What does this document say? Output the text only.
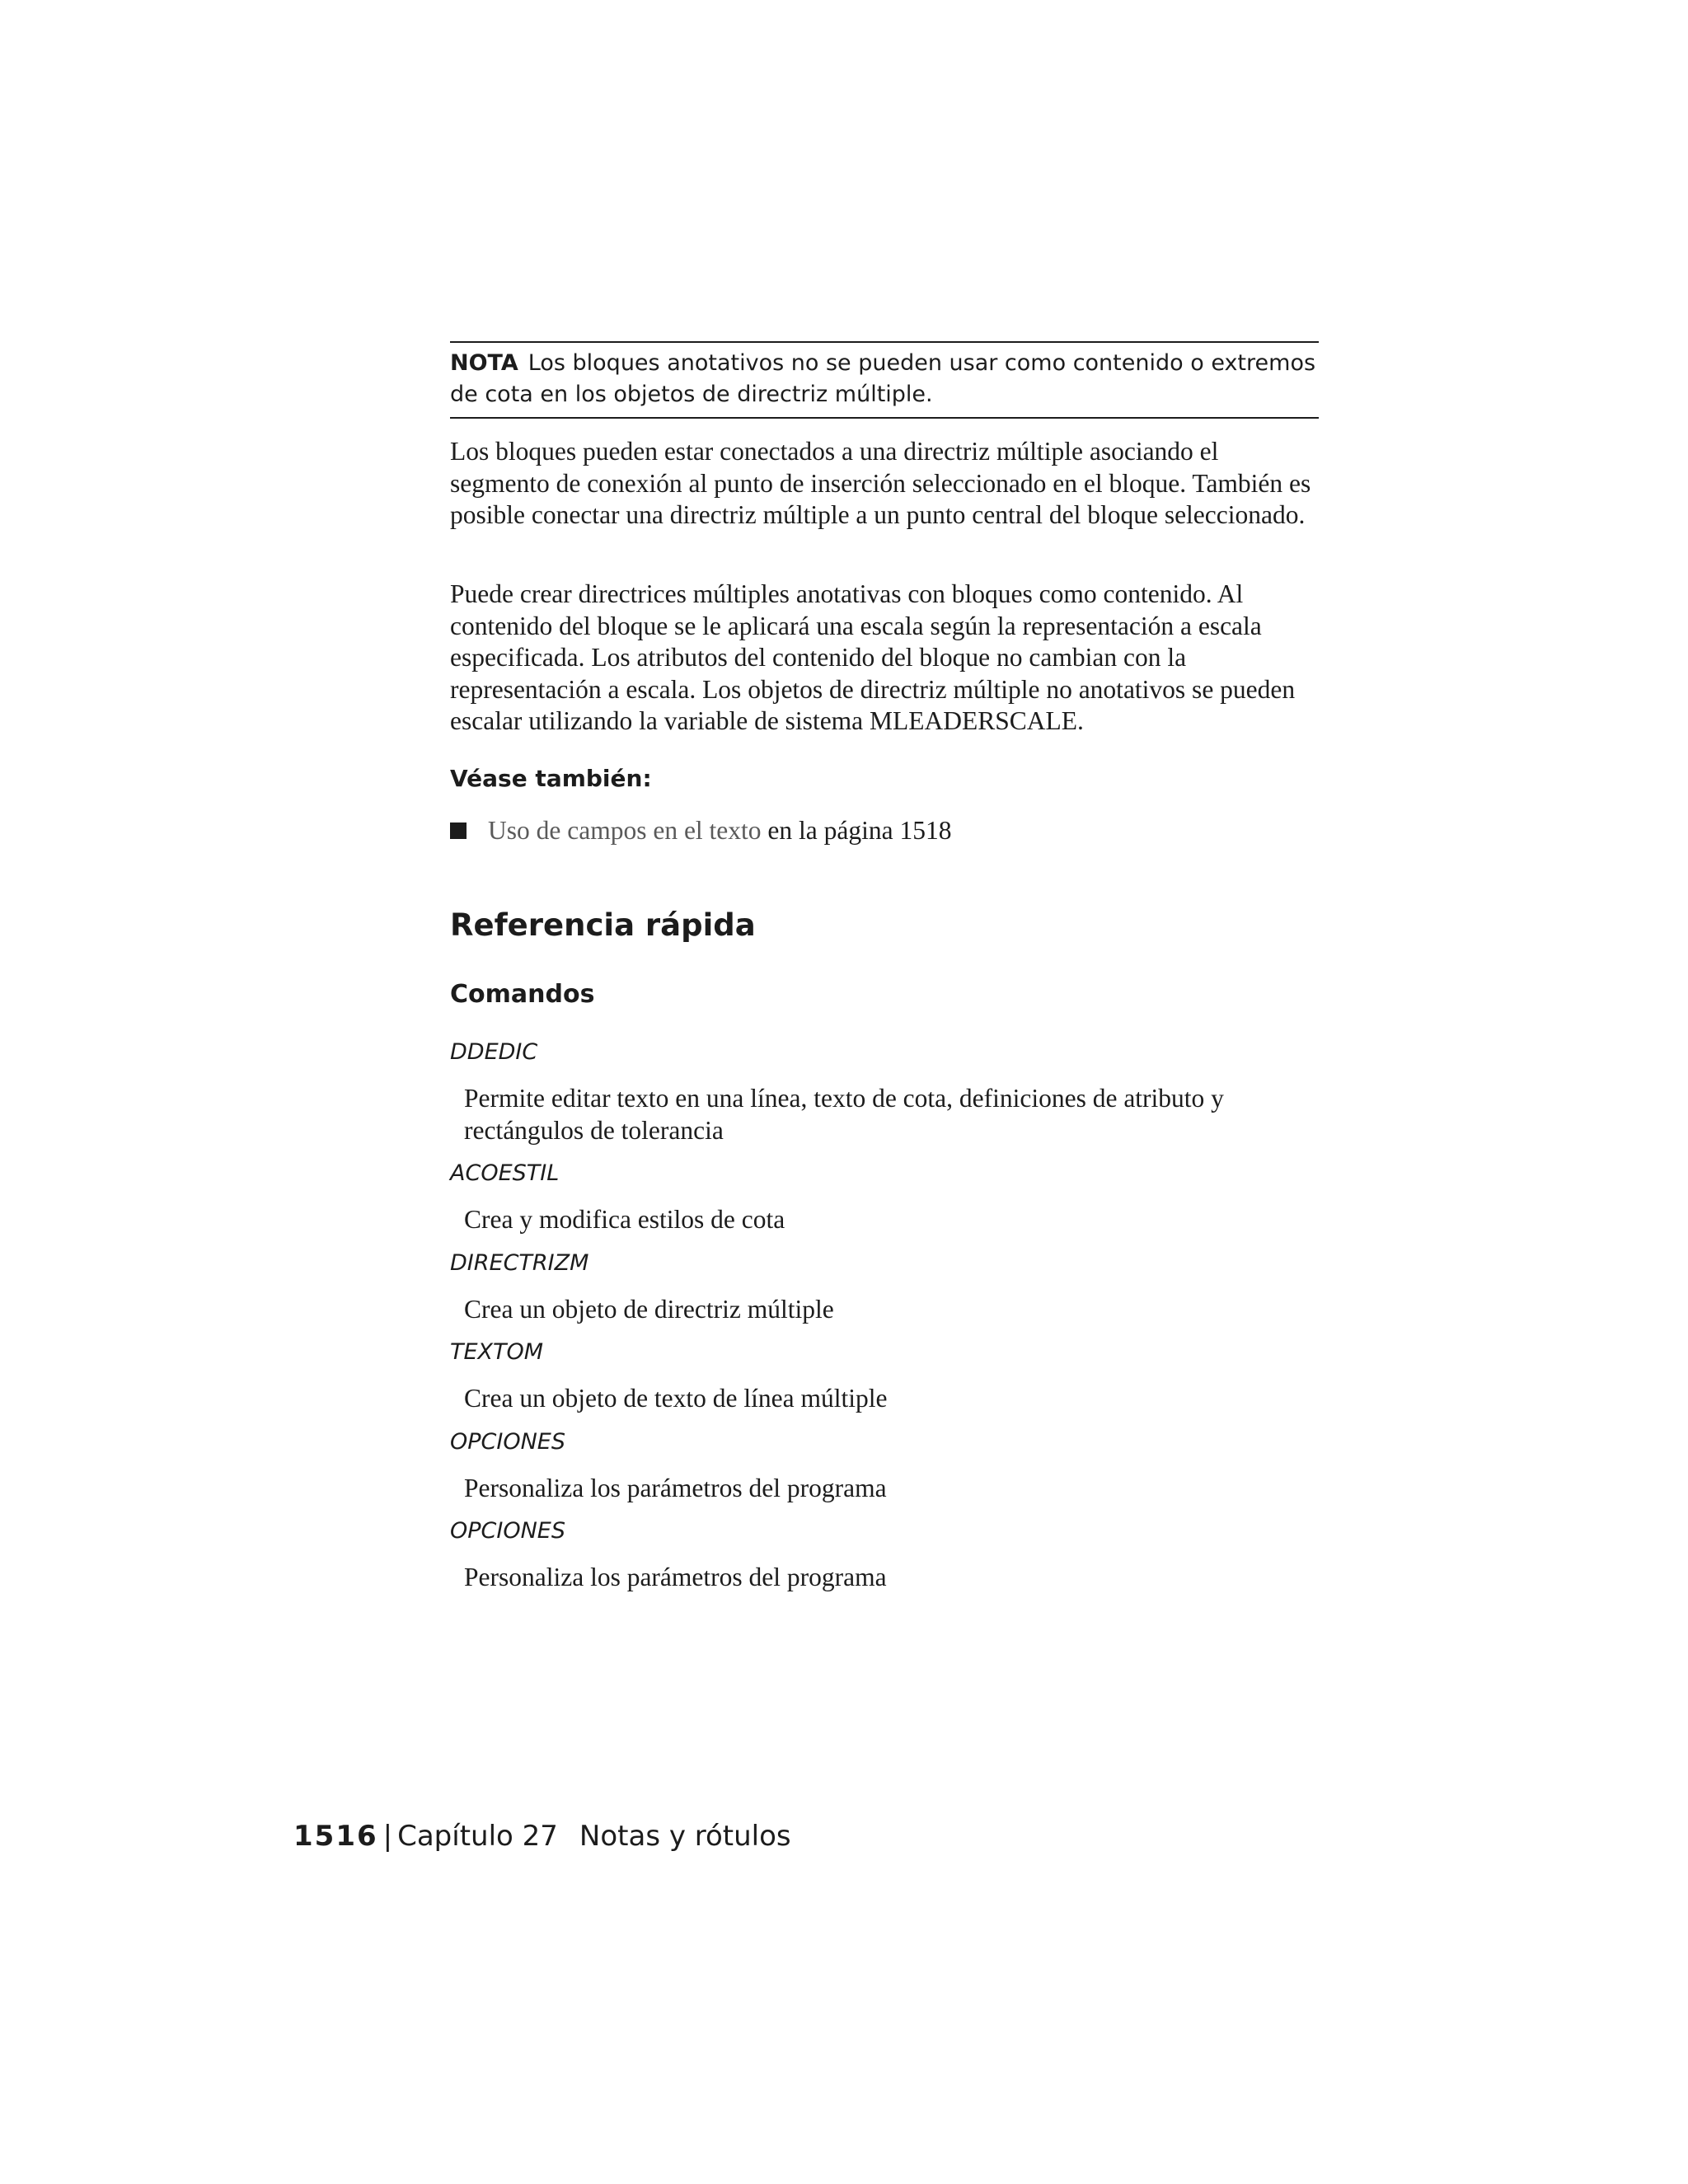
NOTA Los bloques anotativos no se pueden usar como contenido o extremos de cota en los objetos de directriz múltiple.

Los bloques pueden estar conectados a una directriz múltiple asociando el segmento de conexión al punto de inserción seleccionado en el bloque. También es posible conectar una directriz múltiple a un punto central del bloque seleccionado.

Puede crear directrices múltiples anotativas con bloques como contenido. Al contenido del bloque se le aplicará una escala según la representación a escala especificada. Los atributos del contenido del bloque no cambian con la representación a escala. Los objetos de directriz múltiple no anotativos se pueden escalar utilizando la variable de sistema MLEADERSCALE.

Véase también:
Uso de campos en el texto en la página 1518
Referencia rápida
Comandos
DDEDIC
Permite editar texto en una línea, texto de cota, definiciones de atributo y rectángulos de tolerancia
ACOESTIL
Crea y modifica estilos de cota
DIRECTRIZM
Crea un objeto de directriz múltiple
TEXTOM
Crea un objeto de texto de línea múltiple
OPCIONES
Personaliza los parámetros del programa
OPCIONES
Personaliza los parámetros del programa
1516 | Capítulo 27 Notas y rótulos
